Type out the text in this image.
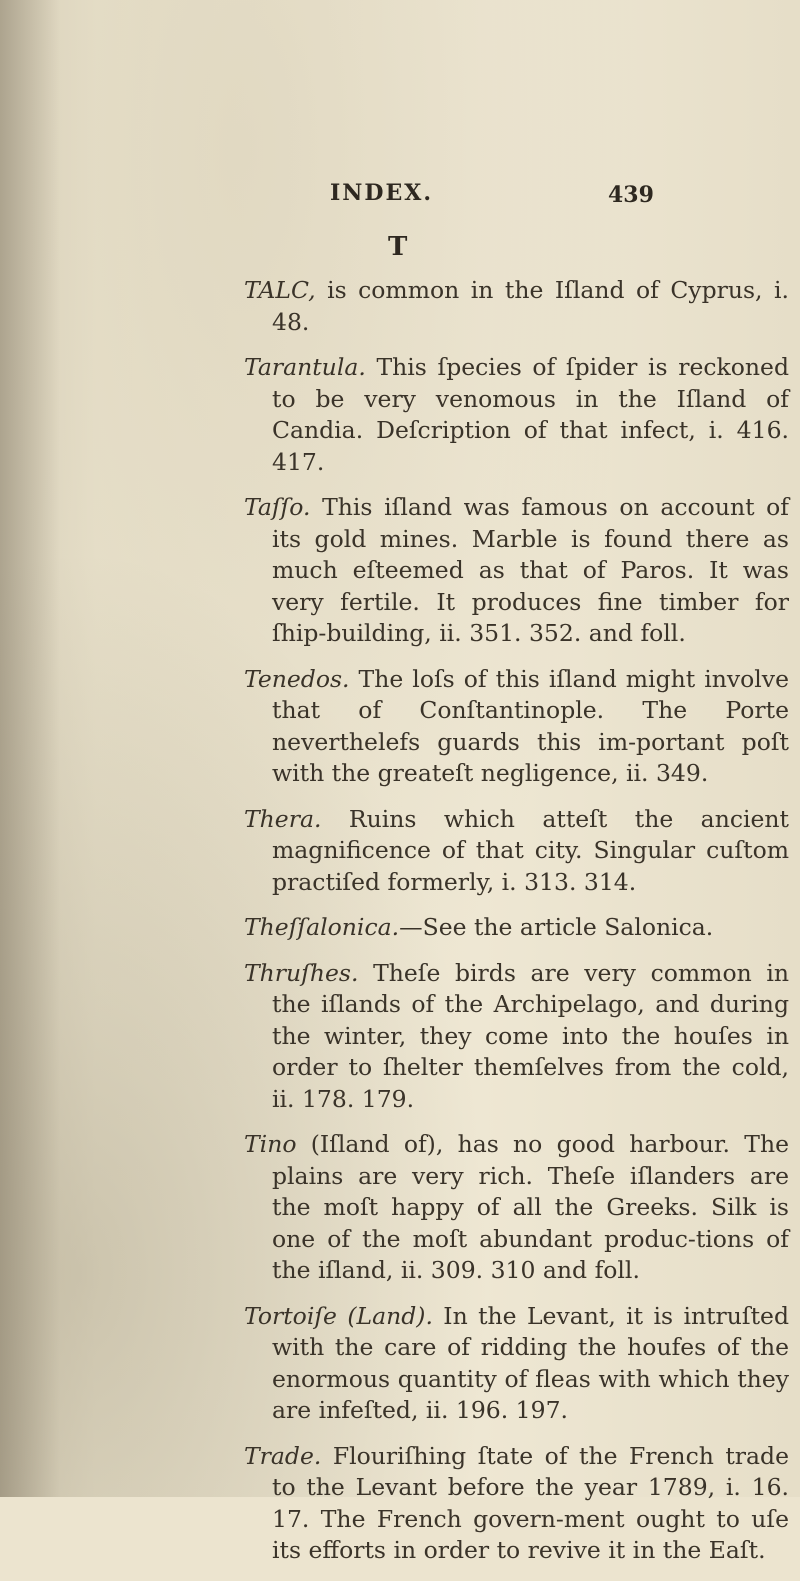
INDEX.	439
T

TALC, is common in the Iſland of Cyprus, i. 48.

Tarantula. This ſpecies of ſpider is reckoned to be very venomous in the Iſland of Candia. Deſcription of that infect, i. 416. 417.

Taſſo. This iſland was famous on account of its gold mines. Marble is found there as much eſteemed as that of Paros. It was very fertile. It produces fine timber for ſhip-building, ii. 351. 352. and foll.

Tenedos. The loſs of this iſland might involve that of Conſtantinople. The Porte neverthelefs guards this im-portant poſt with the greateſt negligence, ii. 349.

Thera. Ruins which atteſt the ancient magnificence of that city. Singular cuſtom practiſed formerly, i. 313. 314.

Theſſalonica.—See the article Salonica.

Thruſhes. Theſe birds are very common in the iſlands of the Archipelago, and during the winter, they come into the houſes in order to ſhelter themſelves from the cold, ii. 178. 179.

Tino (Iſland of), has no good harbour. The plains are very rich. Theſe iſlanders are the moſt happy of all the Greeks. Silk is one of the moſt abundant produc-tions of the iſland, ii. 309. 310 and foll.

Tortoiſe (Land). In the Levant, it is intruſted with the care of ridding the houfes of the enormous quantity of fleas with which they are infeſted, ii. 196. 197.

Trade. Flouriſhing ſtate of the French trade to the Levant before the year 1789, i. 16. 17. The French govern-ment ought to uſe its efforts in order to revive it in the Eaſt.
